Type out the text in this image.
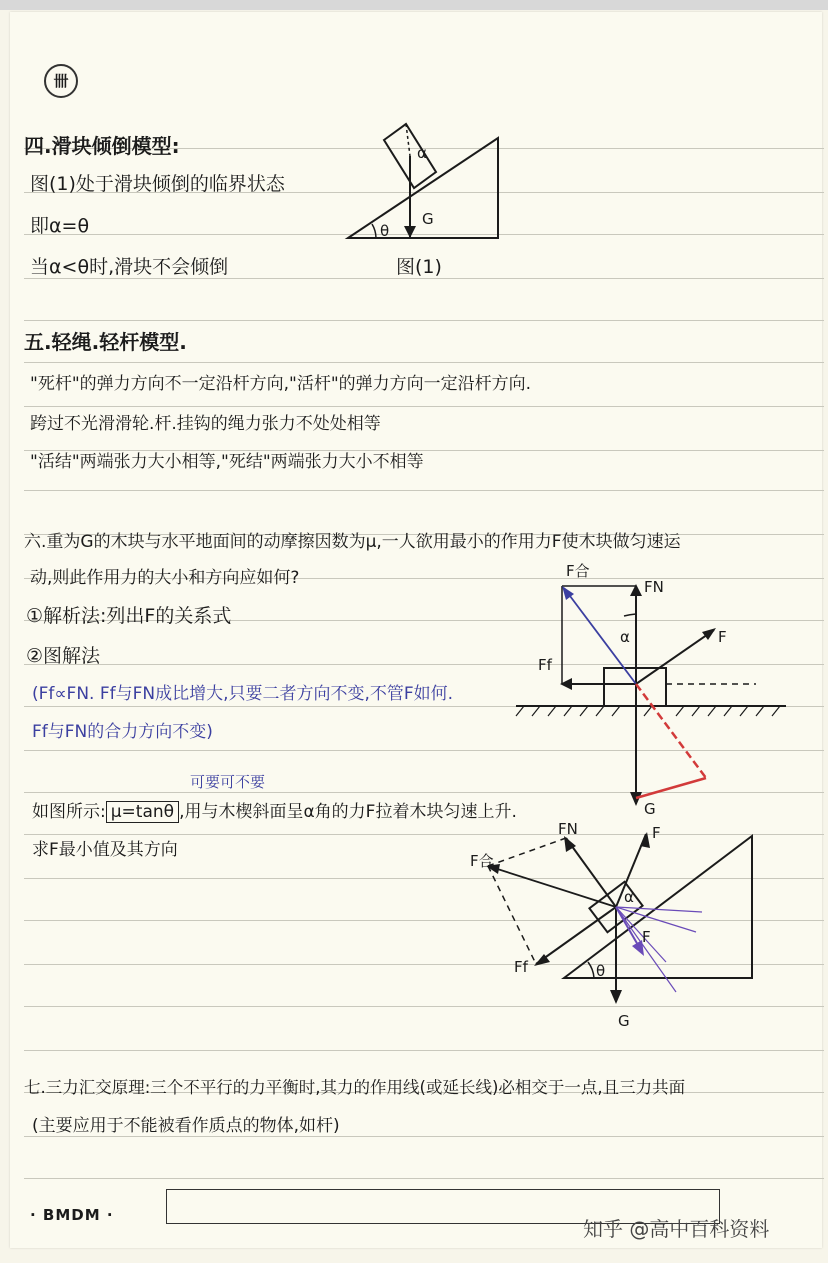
卌
四.滑块倾倒模型:
图(1)处于滑块倾倒的临界状态
即α=θ
当α<θ时,滑块不会倾倒
α
θ
G
图(1)
五.轻绳.轻杆模型.
"死杆"的弹力方向不一定沿杆方向,"活杆"的弹力方向一定沿杆方向.
跨过不光滑滑轮.杆.挂钩的绳力张力不处处相等
"活结"两端张力大小相等,"死结"两端张力大小不相等
六.重为G的木块与水平地面间的动摩擦因数为μ,一人欲用最小的作用力F使木块做匀速运
动,则此作用力的大小和方向应如何?
①解析法:列出F的关系式
②图解法
(Ff∝FN. Ff与FN成比增大,只要二者方向不变,不管F如何.
Ff与FN的合力方向不变)
F合
FN
Ff
F
α
G
可要可不要
如图所示: μ=tanθ ,用与木楔斜面呈α角的力F拉着木块匀速上升.
求F最小值及其方向
FN	F
F合
Ff	θ
α
F
G
七.三力汇交原理:三个不平行的力平衡时,其力的作用线(或延长线)必相交于一点,且三力共面
(主要应用于不能被看作质点的物体,如杆)
· BMDM ·
知乎 @高中百科资料
